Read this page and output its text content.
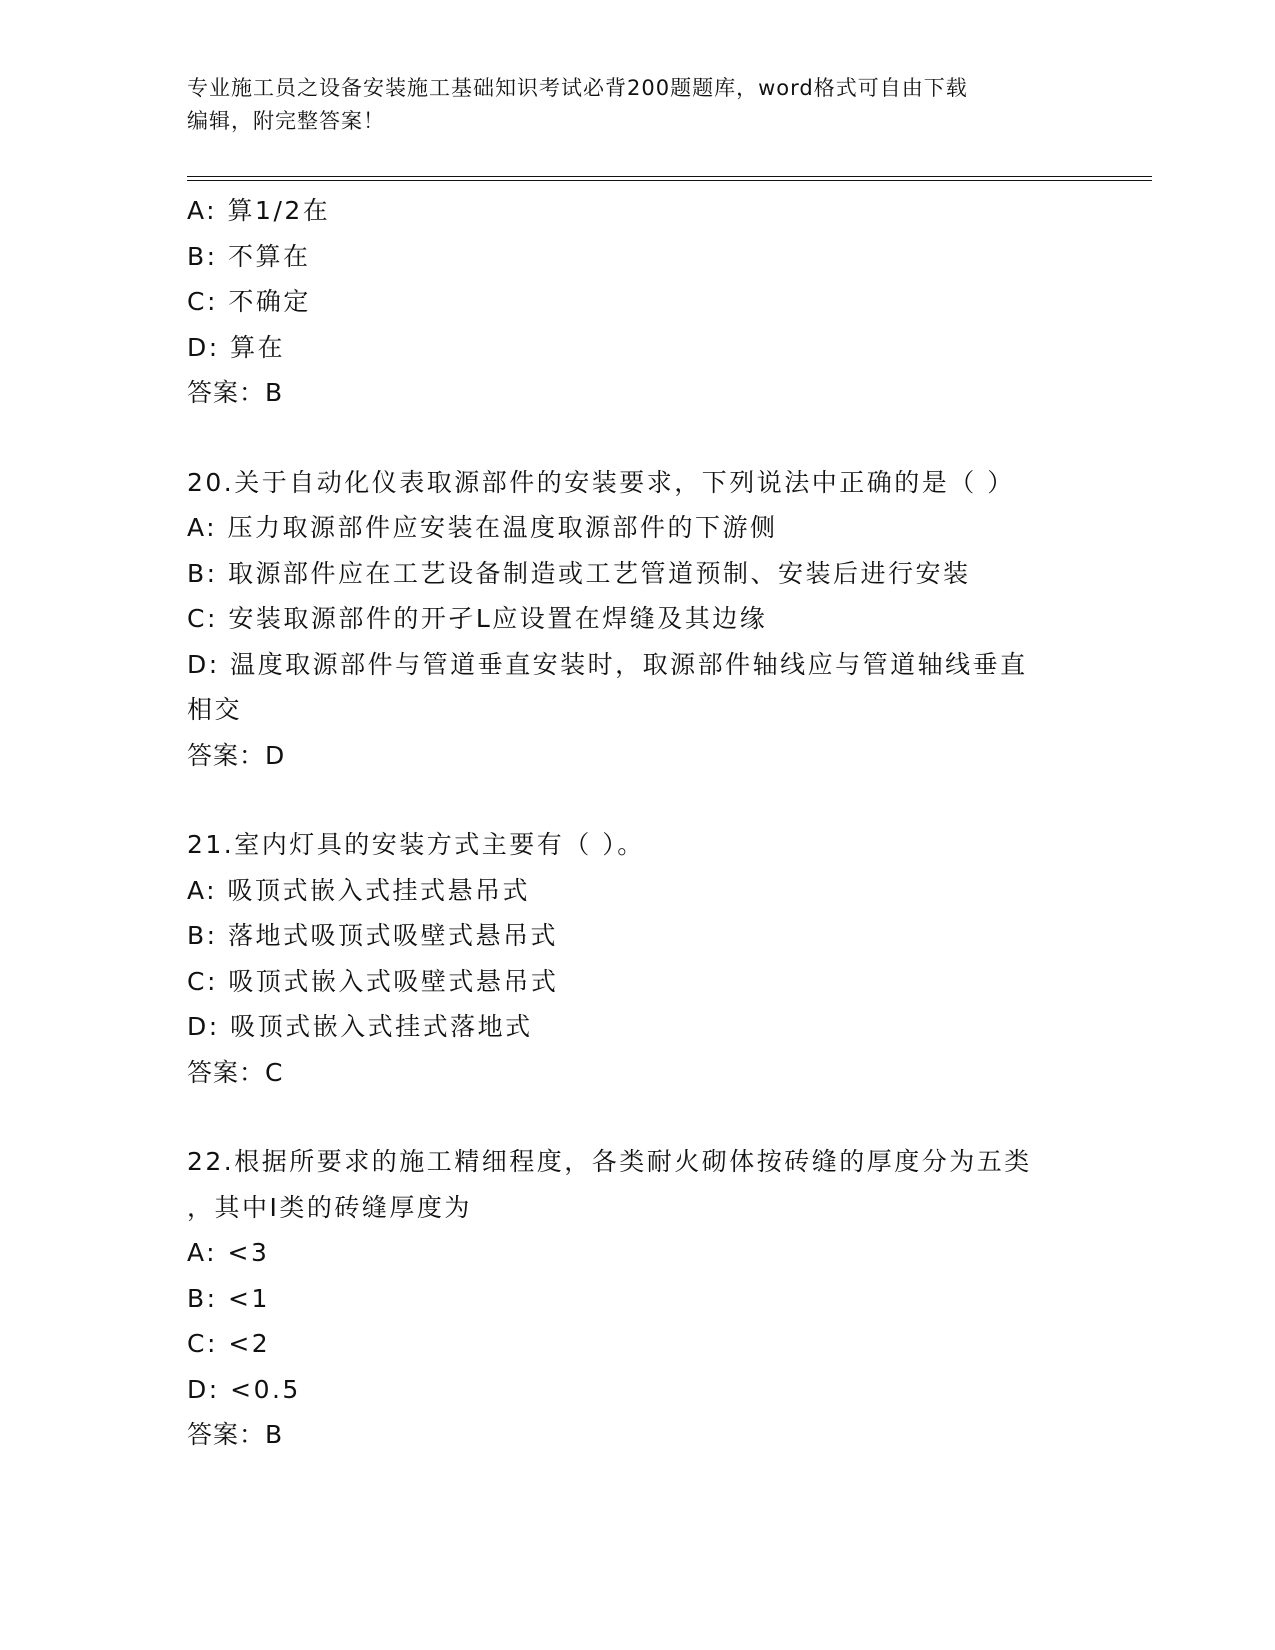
专业施工员之设备安装施工基础知识考试必背200题题库，word格式可自由下载
编辑，附完整答案！
A: 算1/2在
B: 不算在
C: 不确定
D: 算在
答案：B
20.关于自动化仪表取源部件的安装要求，下列说法中正确的是（ ）
A: 压力取源部件应安装在温度取源部件的下游侧
B: 取源部件应在工艺设备制造或工艺管道预制、安装后进行安装
C: 安装取源部件的开孑L应设置在焊缝及其边缘
D: 温度取源部件与管道垂直安装时，取源部件轴线应与管道轴线垂直
相交
答案：D
21.室内灯具的安装方式主要有（ ）。
A: 吸顶式嵌入式挂式悬吊式
B: 落地式吸顶式吸壁式悬吊式
C: 吸顶式嵌入式吸壁式悬吊式
D: 吸顶式嵌入式挂式落地式
答案：C
22.根据所要求的施工精细程度，各类耐火砌体按砖缝的厚度分为五类
，其中Ⅰ类的砖缝厚度为
A: <3
B: <1
C: <2
D: <0.5
答案：B
